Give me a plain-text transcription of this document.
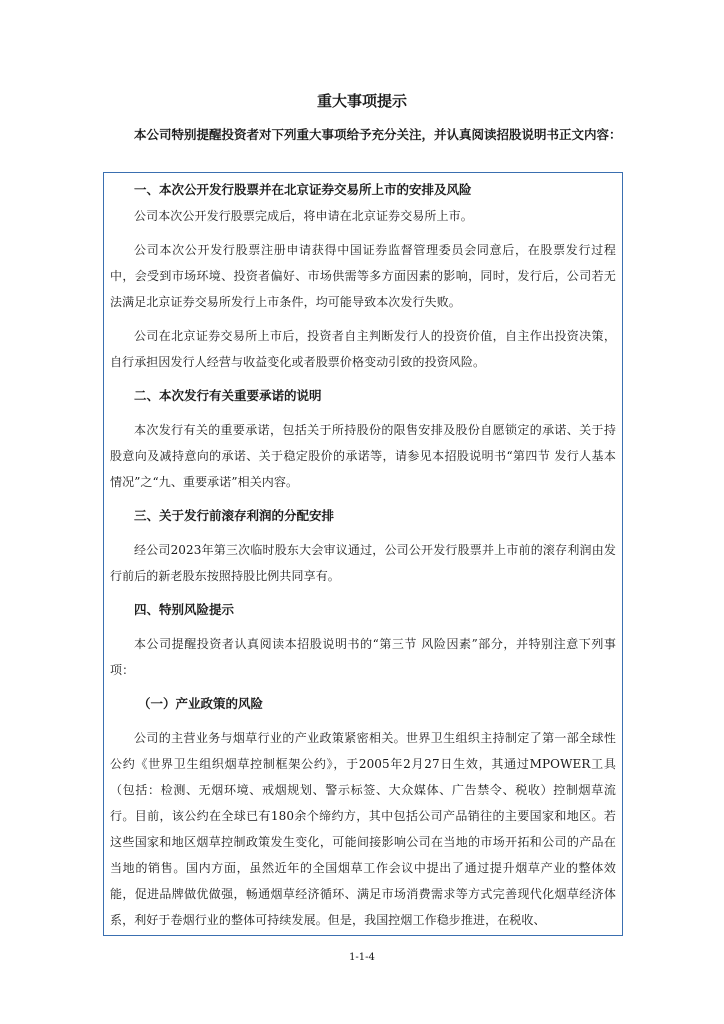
重大事项提示

本公司特别提醒投资者对下列重大事项给予充分关注，并认真阅读招股说明书正文内容：

一、本次公开发行股票并在北京证券交易所上市的安排及风险

公司本次公开发行股票完成后，将申请在北京证券交易所上市。

公司本次公开发行股票注册申请获得中国证券监督管理委员会同意后，在股票发行过程中，会受到市场环境、投资者偏好、市场供需等多方面因素的影响，同时，发行后，公司若无法满足北京证券交易所发行上市条件，均可能导致本次发行失败。

公司在北京证券交易所上市后，投资者自主判断发行人的投资价值，自主作出投资决策，自行承担因发行人经营与收益变化或者股票价格变动引致的投资风险。

二、本次发行有关重要承诺的说明

本次发行有关的重要承诺，包括关于所持股份的限售安排及股份自愿锁定的承诺、关于持股意向及减持意向的承诺、关于稳定股价的承诺等，请参见本招股说明书“第四节 发行人基本情况”之“九、重要承诺”相关内容。

三、关于发行前滚存利润的分配安排

经公司2023年第三次临时股东大会审议通过，公司公开发行股票并上市前的滚存利润由发行前后的新老股东按照持股比例共同享有。

四、特别风险提示

本公司提醒投资者认真阅读本招股说明书的“第三节 风险因素”部分，并特别注意下列事项：

（一）产业政策的风险

公司的主营业务与烟草行业的产业政策紧密相关。世界卫生组织主持制定了第一部全球性公约《世界卫生组织烟草控制框架公约》，于2005年2月27日生效，其通过MPOWER工具（包括：检测、无烟环境、戒烟规划、警示标签、大众媒体、广告禁令、税收）控制烟草流行。目前，该公约在全球已有180余个缔约方，其中包括公司产品销往的主要国家和地区。若这些国家和地区烟草控制政策发生变化，可能间接影响公司在当地的市场开拓和公司的产品在当地的销售。国内方面，虽然近年的全国烟草工作会议中提出了通过提升烟草产业的整体效能，促进品牌做优做强，畅通烟草经济循环、满足市场消费需求等方式完善现代化烟草经济体系，利好于卷烟行业的整体可持续发展。但是，我国控烟工作稳步推进，在税收、

1-1-4
